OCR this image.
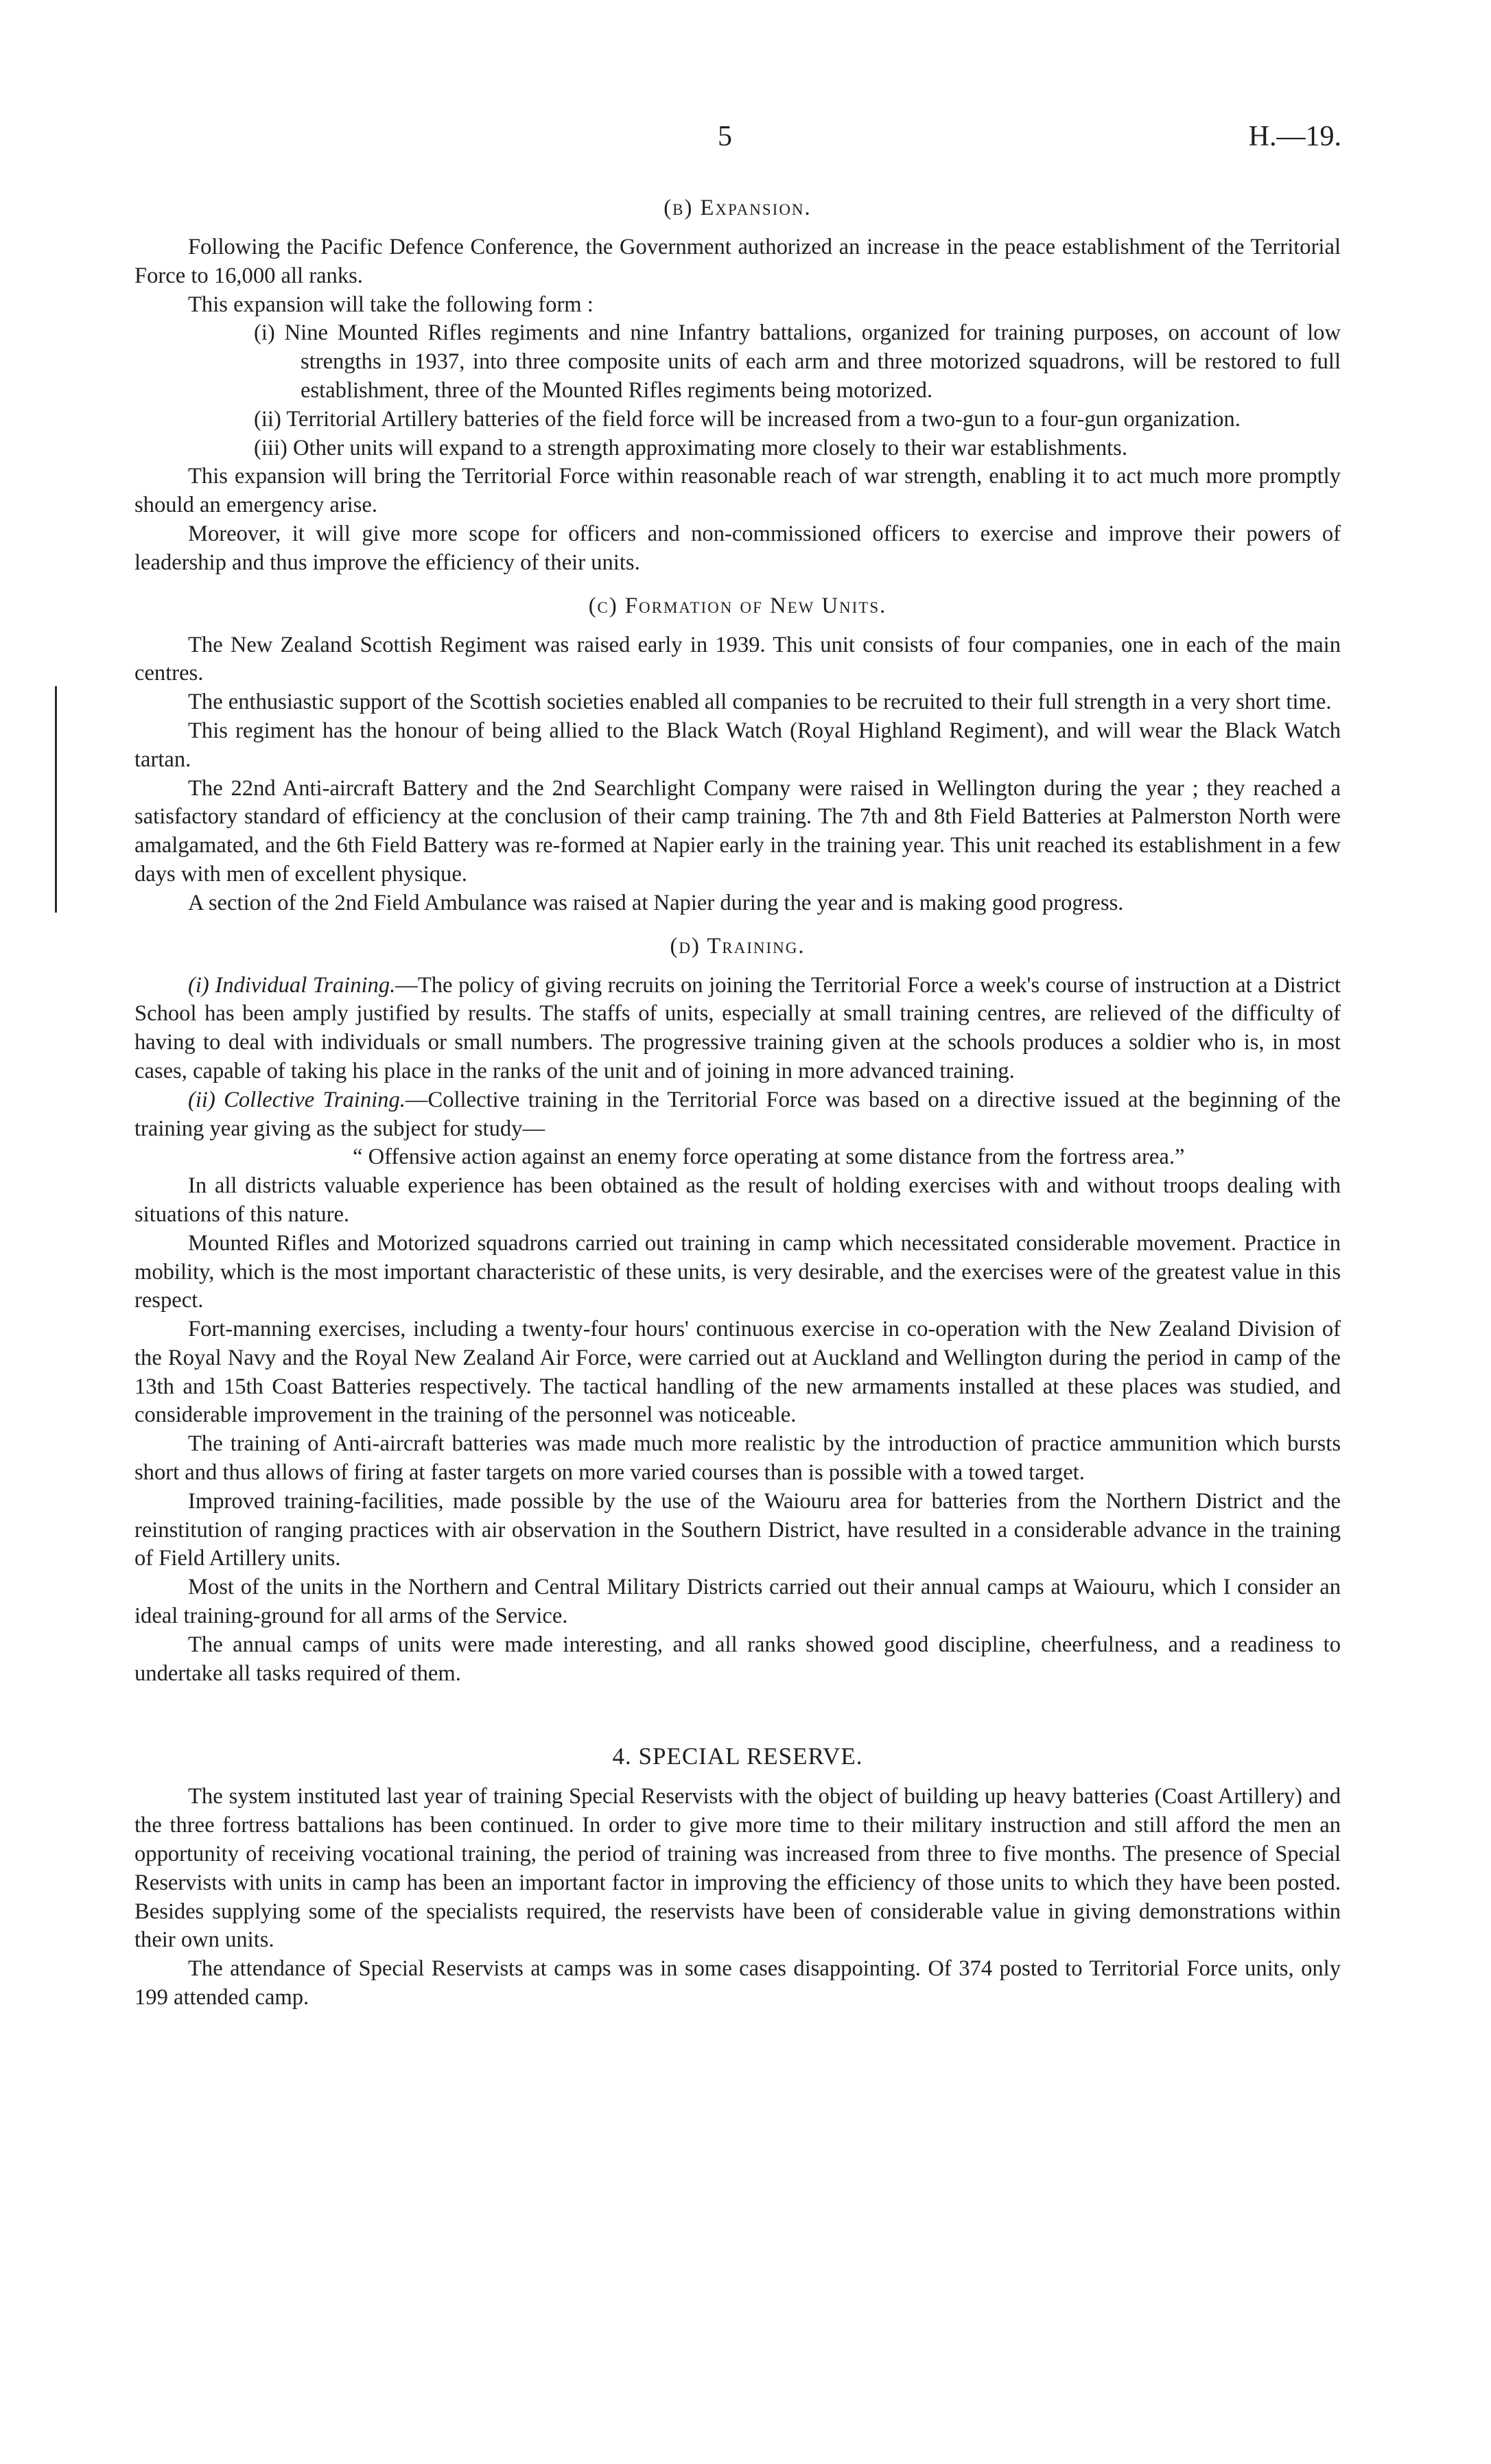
5	H.—19.
(b) Expansion.

Following the Pacific Defence Conference, the Government authorized an increase in the peace establishment of the Territorial Force to 16,000 all ranks.

This expansion will take the following form :

(i) Nine Mounted Rifles regiments and nine Infantry battalions, organized for training purposes, on account of low strengths in 1937, into three composite units of each arm and three motorized squadrons, will be restored to full establishment, three of the Mounted Rifles regiments being motorized.

(ii) Territorial Artillery batteries of the field force will be increased from a two-gun to a four-gun organization.

(iii) Other units will expand to a strength approximating more closely to their war establishments.

This expansion will bring the Territorial Force within reasonable reach of war strength, enabling it to act much more promptly should an emergency arise.

Moreover, it will give more scope for officers and non-commissioned officers to exercise and improve their powers of leadership and thus improve the efficiency of their units.

(c) Formation of New Units.

The New Zealand Scottish Regiment was raised early in 1939. This unit consists of four companies, one in each of the main centres.

The enthusiastic support of the Scottish societies enabled all companies to be recruited to their full strength in a very short time.

This regiment has the honour of being allied to the Black Watch (Royal Highland Regiment), and will wear the Black Watch tartan.

The 22nd Anti-aircraft Battery and the 2nd Searchlight Company were raised in Wellington during the year ; they reached a satisfactory standard of efficiency at the conclusion of their camp training. The 7th and 8th Field Batteries at Palmerston North were amalgamated, and the 6th Field Battery was re-formed at Napier early in the training year. This unit reached its establishment in a few days with men of excellent physique.

A section of the 2nd Field Ambulance was raised at Napier during the year and is making good progress.

(d) Training.

(i) Individual Training.—The policy of giving recruits on joining the Territorial Force a week's course of instruction at a District School has been amply justified by results. The staffs of units, especially at small training centres, are relieved of the difficulty of having to deal with individuals or small numbers. The progressive training given at the schools produces a soldier who is, in most cases, capable of taking his place in the ranks of the unit and of joining in more advanced training.

(ii) Collective Training.—Collective training in the Territorial Force was based on a directive issued at the beginning of the training year giving as the subject for study—

“ Offensive action against an enemy force operating at some distance from the fortress area.”

In all districts valuable experience has been obtained as the result of holding exercises with and without troops dealing with situations of this nature.

Mounted Rifles and Motorized squadrons carried out training in camp which necessitated considerable movement. Practice in mobility, which is the most important characteristic of these units, is very desirable, and the exercises were of the greatest value in this respect.

Fort-manning exercises, including a twenty-four hours' continuous exercise in co-operation with the New Zealand Division of the Royal Navy and the Royal New Zealand Air Force, were carried out at Auckland and Wellington during the period in camp of the 13th and 15th Coast Batteries respectively. The tactical handling of the new armaments installed at these places was studied, and considerable improvement in the training of the personnel was noticeable.

The training of Anti-aircraft batteries was made much more realistic by the introduction of practice ammunition which bursts short and thus allows of firing at faster targets on more varied courses than is possible with a towed target.

Improved training-facilities, made possible by the use of the Waiouru area for batteries from the Northern District and the reinstitution of ranging practices with air observation in the Southern District, have resulted in a considerable advance in the training of Field Artillery units.

Most of the units in the Northern and Central Military Districts carried out their annual camps at Waiouru, which I consider an ideal training-ground for all arms of the Service.

The annual camps of units were made interesting, and all ranks showed good discipline, cheerfulness, and a readiness to undertake all tasks required of them.

4. SPECIAL RESERVE.

The system instituted last year of training Special Reservists with the object of building up heavy batteries (Coast Artillery) and the three fortress battalions has been continued. In order to give more time to their military instruction and still afford the men an opportunity of receiving vocational training, the period of training was increased from three to five months. The presence of Special Reservists with units in camp has been an important factor in improving the efficiency of those units to which they have been posted. Besides supplying some of the specialists required, the reservists have been of considerable value in giving demonstrations within their own units.

The attendance of Special Reservists at camps was in some cases disappointing. Of 374 posted to Territorial Force units, only 199 attended camp.
